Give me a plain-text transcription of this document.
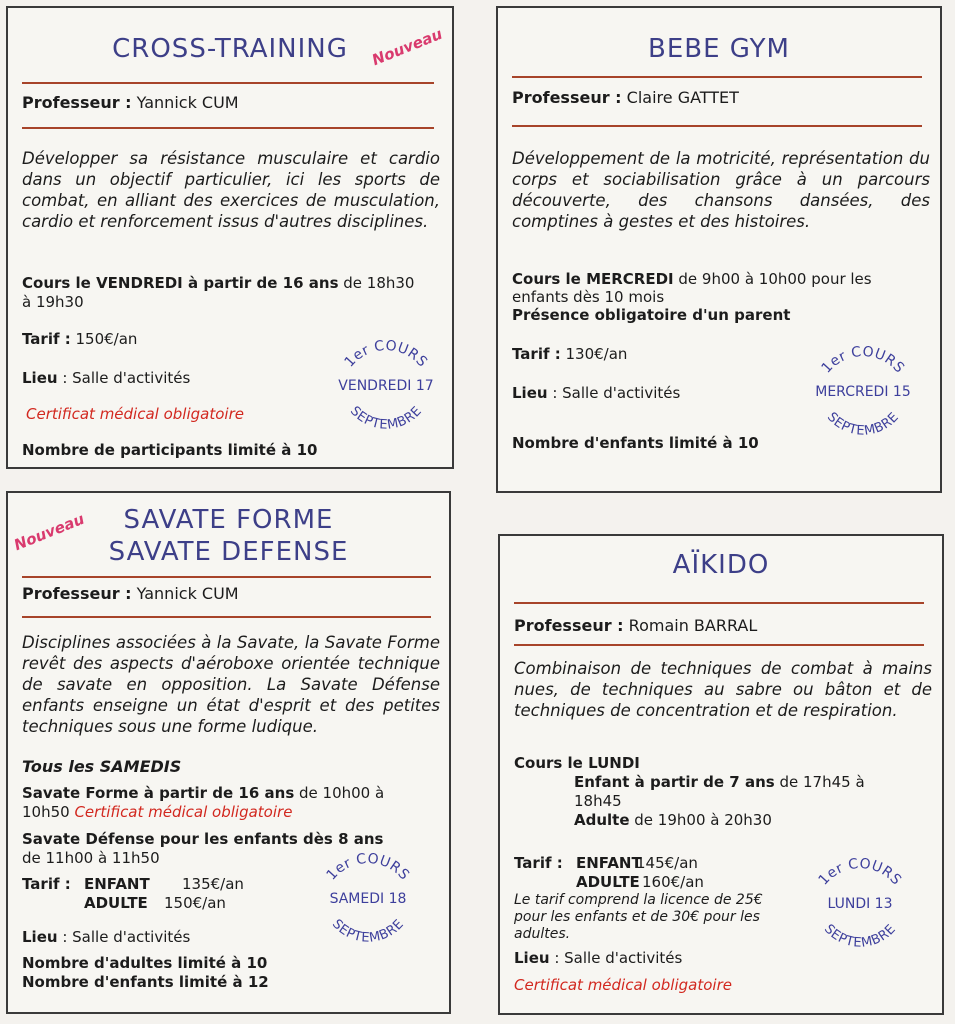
CROSS-TRAINING	Nouveau
Professeur : Yannick CUM
Développer sa résistance musculaire et cardio dans un objectif particulier, ici les sports de combat, en alliant des exercices de musculation, cardio et renforcement issus d'autres disciplines.
Cours le VENDREDI à partir de 16 ans de 18h30
à 19h30
Tarif : 150€/an
Lieu : Salle d'activités
Certificat médical obligatoire
Nombre de participants limité à 10
1er COURS
SEPTEMBRE
VENDREDI 17
BEBE GYM
Professeur : Claire GATTET
Développement de la motricité, représentation du corps et sociabilisation grâce à un parcours découverte, des chansons dansées, des comptines à gestes et des histoires.
Cours le MERCREDI de 9h00 à 10h00 pour les
enfants dès 10 mois
Présence obligatoire d'un parent
Tarif : 130€/an
Lieu : Salle d'activités
Nombre d'enfants limité à 10
1er COURS
SEPTEMBRE
MERCREDI 15
SAVATE FORME
SAVATE DEFENSE
Nouveau
Professeur : Yannick CUM
Disciplines associées à la Savate, la Savate Forme revêt des aspects d'aéroboxe orientée technique de savate en opposition. La Savate Défense enfants enseigne un état d'esprit et des petites techniques sous une forme ludique.
Tous les SAMEDIS
Savate Forme à partir de 16 ans de 10h00 à
10h50 Certificat médical obligatoire
Savate Défense pour les enfants dès 8 ans
de 11h00 à 11h50
Tarif : ENFANT 135€/an
ADULTE 150€/an
Lieu : Salle d'activités
Nombre d'adultes limité à 10
Nombre d'enfants limité à 12
1er COURS
SEPTEMBRE
SAMEDI 18
AÏKIDO
Professeur : Romain BARRAL
Combinaison de techniques de combat à mains nues, de techniques au sabre ou bâton et de techniques de concentration et de respiration.
Cours le LUNDI
Enfant à partir de 7 ans de 17h45 à
18h45
Adulte de 19h00 à 20h30
Tarif : ENFANT
145€/an
ADULTE 160€/an
Le tarif comprend la licence de 25€ pour les enfants et de 30€ pour les adultes.
Lieu : Salle d'activités
Certificat médical obligatoire
1er COURS
SEPTEMBRE
LUNDI 13
